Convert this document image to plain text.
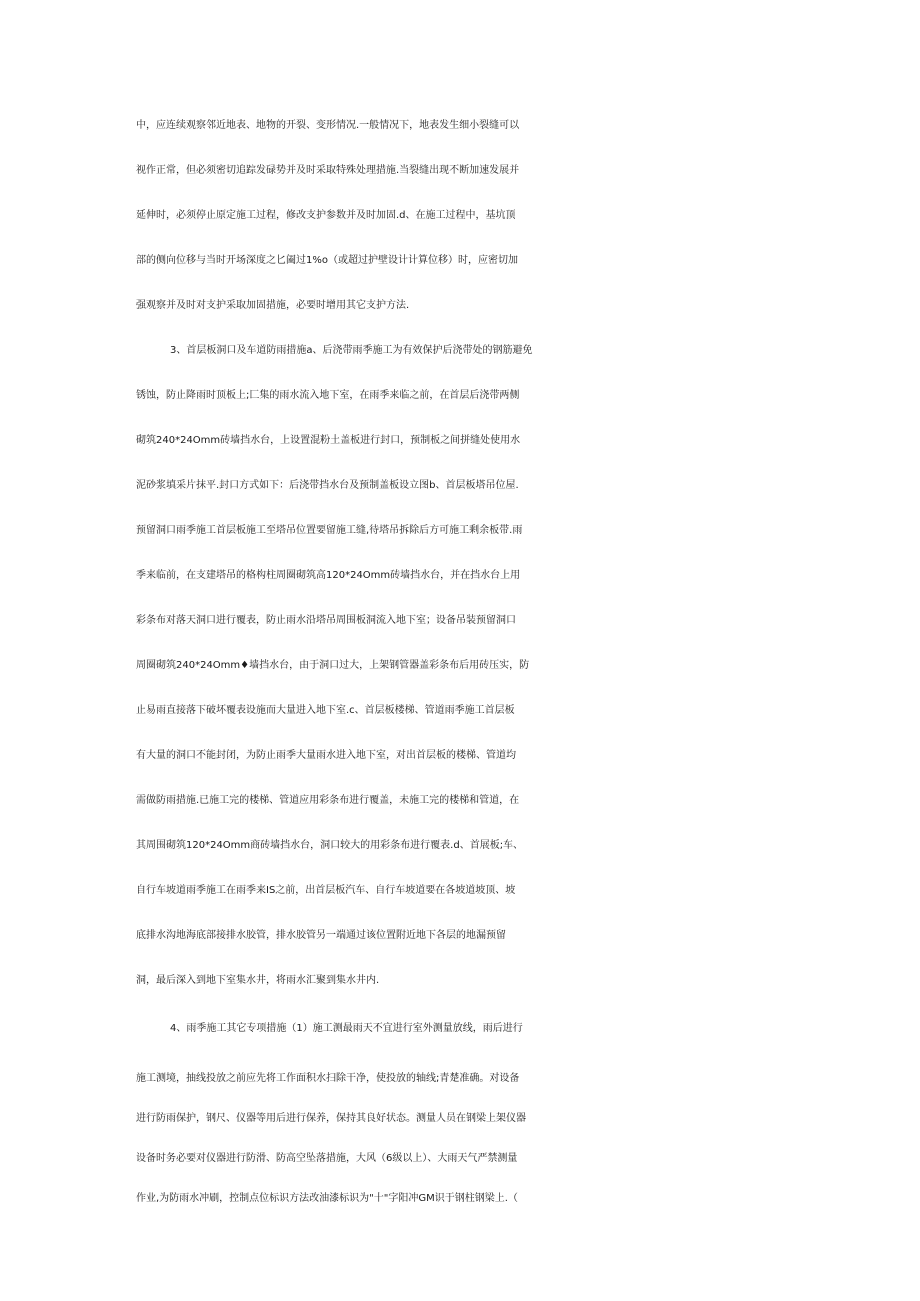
中，应连续观察邻近地表、地物的开裂、变形情况.一般情况下，地表发生细小裂缝可以
视作正常，但必须密切追踪发碌势并及时采取特殊处理措施.当裂缝出现不断加速发展并
延伸时，必须停止原定施工过程，修改支护参数并及时加固.d、在施工过程中，基坑顶
部的侧向位移与当时开场深度之匕阖过1%o（或超过护壁设计计算位移）时，应密切加
强观察并及时对支护采取加固措施，必要时增用其它支护方法.
3、首层板洞口及车道防雨措施a、后浇带雨季施工为有效保护后浇带处的钢筋避免
锈蚀，防止降雨时顶板上;匚集的雨水流入地下室，在雨季来临之前，在首层后浇带两侧
砌筑240*24Omm砖墙挡水台，上设置混粉土盖板进行封口，预制板之间拼缝处使用水
泥砂浆填采片抹平.封口方式如下：后浇带挡水台及预制盖板设立图b、首层板塔吊位屋.
预留洞口雨季施工首层板施工至塔吊位置要留施工缝,待塔吊拆除后方可施工剩余板带.雨
季来临前，在支建塔吊的格构柱周圈砌筑高120*24Omm砖墙挡水台，并在挡水台上用
彩条布对落天洞口进行覆表，防止雨水沿塔吊周围板洞流入地下室；设备吊装预留洞口
周圈砌筑240*24Omm♦墙挡水台，由于洞口过大，上架钢管器盖彩条布后用砖压实，防
止易雨直接落下破坏覆表设施而大量进入地下室.c、首层板楼梯、管道雨季施工首层板
有大量的洞口不能封闭，为防止雨季大量雨水进入地下室，对出首层板的楼梯、管道均
需做防雨措施.已施工完的楼梯、管道应用彩条布进行覆盖，未施工完的楼梯和管道，在
其周围砌筑120*24Omm商砖墙挡水台，洞口较大的用彩条布进行覆表.d、首展板;车、
自行车坡道雨季施工在雨季来IS之前，出首层板汽车、自行车坡道要在各坡道坡顶、坡
底排水沟地海底部接排水胶管，排水胶管另一端通过该位置附近地下各层的地漏预留
洞，最后深入到地下室集水井，将雨水汇聚到集水井内.
4、雨季施工其它专项措施（1）施工测最雨天不宜进行室外测量放线，雨后进行
施工测境，抽线投放之前应先将工作面积水扫除干净，使投放的轴线;青楚准确。对设备
进行防雨保护，钢尺、仪器等用后进行保养，保持其良好状态。测量人员在钢梁上架仪器
设备时务必要对仪器进行防滑、防高空坠落措施，大风（6级以上）、大雨天气严禁测量
作业,为防雨水冲刷，控制点位标识方法改油漆标识为"十"字阳冲GM识于钢柱钢梁上.（
